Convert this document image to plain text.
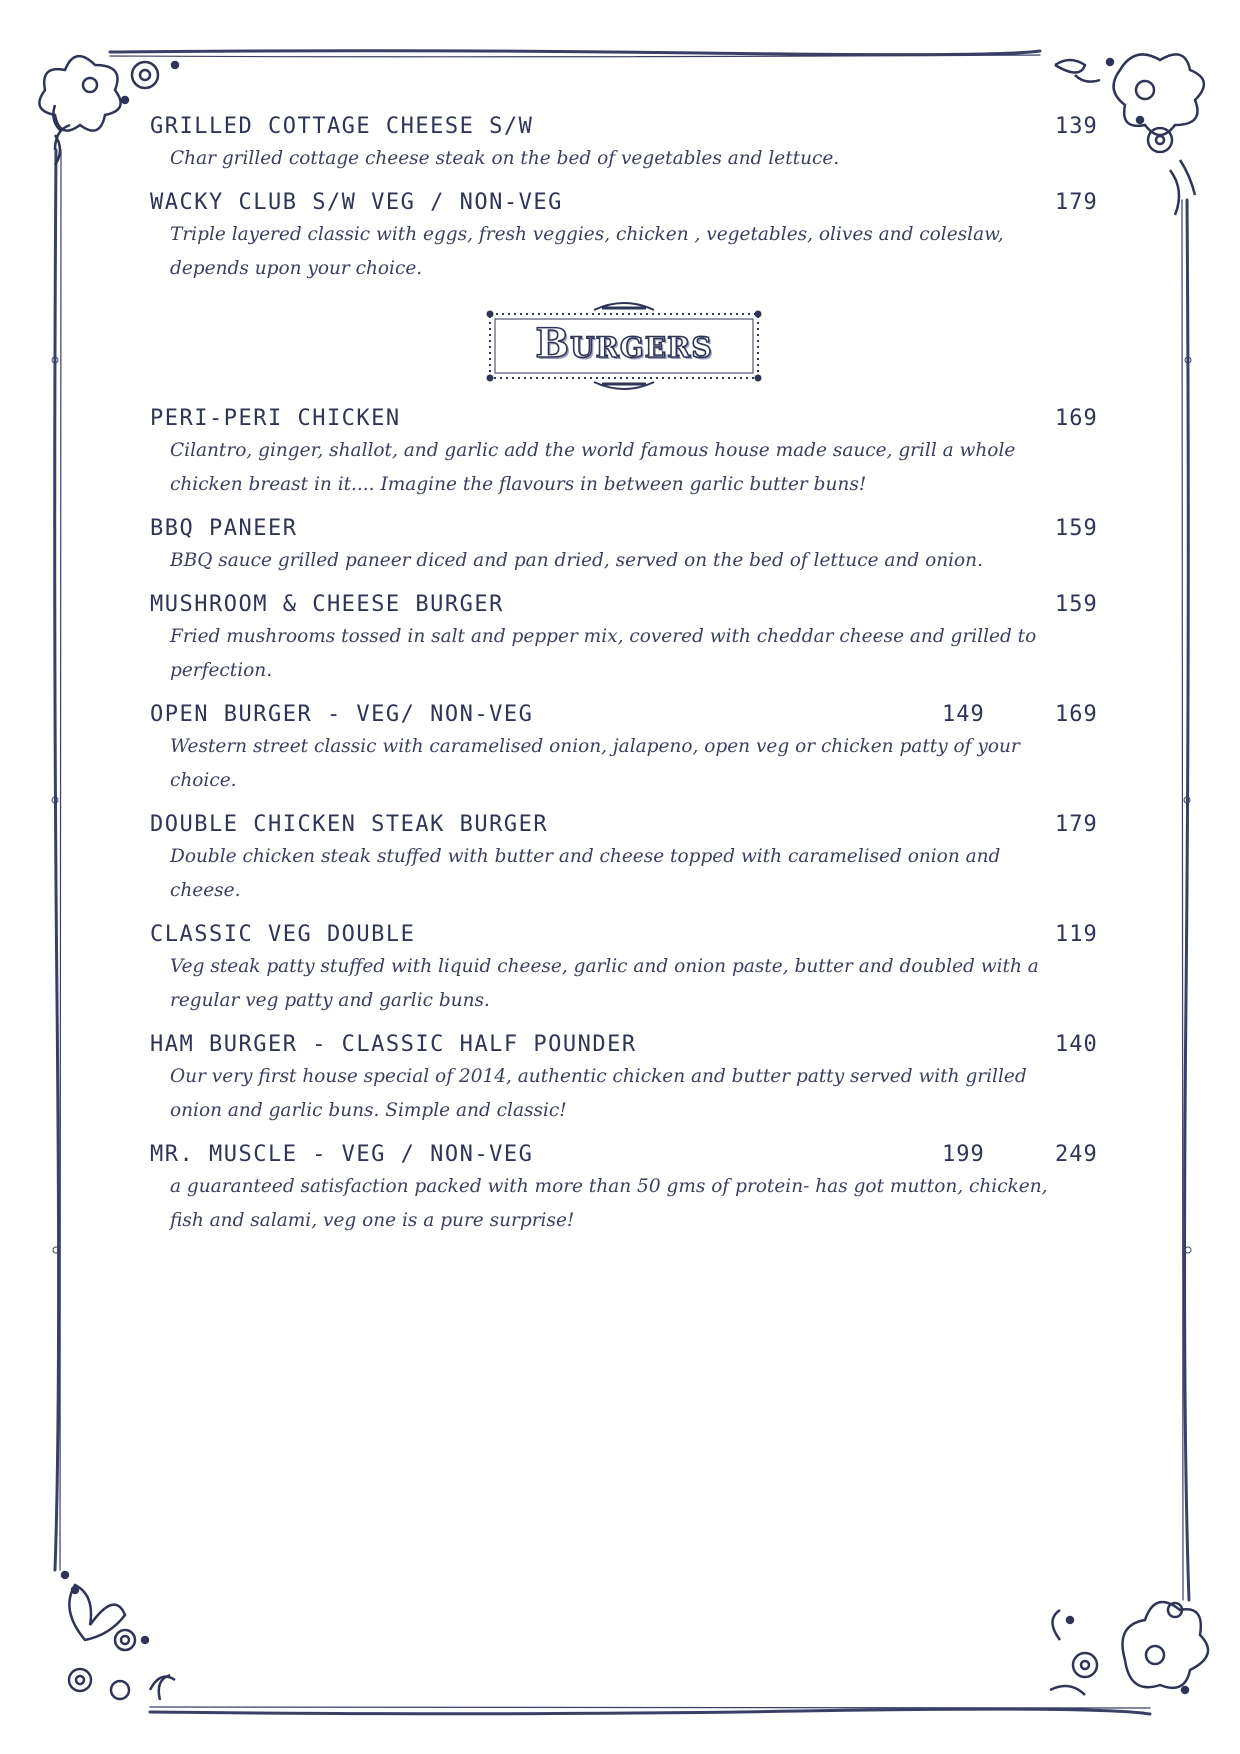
GRILLED COTTAGE CHEESE S/W	139
Char grilled cottage cheese steak on the bed of vegetables and lettuce.
WACKY CLUB S/W VEG / NON-VEG	179
Triple layered classic with eggs, fresh veggies, chicken , vegetables, olives and coleslaw, depends upon your choice.
Burgers
PERI-PERI CHICKEN	169
Cilantro, ginger, shallot, and garlic add the world famous house made sauce, grill a whole chicken breast in it.... Imagine the flavours in between garlic butter buns!
BBQ PANEER	159
BBQ sauce grilled paneer diced and pan dried, served on the bed of lettuce and onion.
MUSHROOM & CHEESE BURGER	159
Fried mushrooms tossed in salt and pepper mix, covered with cheddar cheese and grilled to perfection.
OPEN BURGER - VEG/ NON-VEG	149	169
Western street classic with caramelised onion, jalapeno, open veg or chicken patty of your choice.
DOUBLE CHICKEN STEAK BURGER	179
Double chicken steak stuffed with butter and cheese topped with caramelised onion and cheese.
CLASSIC VEG DOUBLE	119
Veg steak patty stuffed with liquid cheese, garlic and onion paste, butter and doubled with a regular veg patty and garlic buns.
HAM BURGER - CLASSIC HALF POUNDER	140
Our very first house special of 2014, authentic chicken and butter patty served with grilled onion and garlic buns. Simple and classic!
MR. MUSCLE - VEG / NON-VEG	199	249
a guaranteed satisfaction packed with more than 50 gms of protein- has got mutton, chicken, fish and salami, veg one is a pure surprise!
